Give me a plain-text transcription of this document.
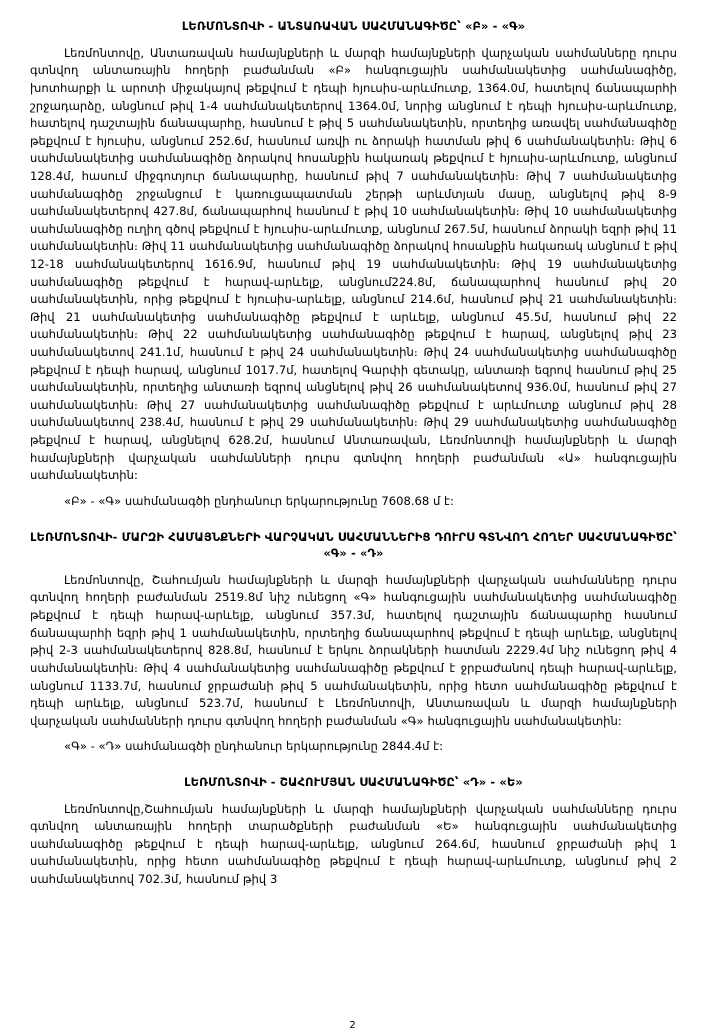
ԼԵՌՄՈՆՏՈՎԻ - ԱՆՏԱՌԱՎԱՆ ՍԱՀՄԱՆԱԳԻԾԸ՝ «Բ» - «Գ»

Լեռմոնտովը, Անտառավան համայնքների և մարզի համայնքների վարչական սահմանները դուրս գտնվող անտառային հողերի բաժանման «Բ» հանգուցային սահմանակետից սահմանագիծը, խոտհարքի և արոտի միջակայով թեքվում է դեպի հյուսիս-արևմուտք, 1364.0մ, հատելով ճանապարհի շրջադարձը, անցնում թիվ 1-4 սահմանակետերով 1364.0մ, նորից անցնում է դեպի հյուսիս-արևմուտք, հատելով դաշտային ճանապարհը, հասնում է թիվ 5 սահմանակետին, որտեղից առավել սահմանագիծը թեքվում է հյուսիս, անցնում 252.6մ, հասնում առվի ու ձորակի հատման թիվ 6 սահմանակետին։ Թիվ 6 սահմանակետից սահմանագիծը ձորակով հոսանքին հակառակ թեքվում է հյուսիս-արևմուտք, անցնում 128.4մ, հասում միջգոտյուր ճանապարհը, հասնում թիվ 7 սահմանակետին։ Թիվ 7 սահմանակետից սահմանագիծը շրջանցում է կառուցապատման շերթի արևմտյան մասը, անցնելով թիվ 8-9 սահմանակետերով 427.8մ, ճանապարհով հասնում է թիվ 10 սահմանակետին։ Թիվ 10 սահմանակետից սահմանագիծը ուղիղ գծով թեքվում է հյուսիս-արևմուտք, անցնում 267.5մ, հասնում ձորակի եզրի թիվ 11 սահմանակետին։ Թիվ 11 սահմանակետից սահմանագիծը ձորակով հոսանքին հակառակ անցնում է թիվ 12-18 սահմանակետերով 1616.9մ, հասնում թիվ 19 սահմանակետին։ Թիվ 19 սահմանակետից սահմանագիծը թեքվում է հարավ-արևելք, անցնում224.8մ, ճանապարհով հասնում թիվ 20 սահմանակետին, որից թեքվում է հյուսիս-արևելք, անցնում 214.6մ, հասնում թիվ 21 սահմանակետին։ Թիվ 21 սահմանակետից սահմանագիծը թեքվում է արևելք, անցնում 45.5մ, հասնում թիվ 22 սահմանակետին։ Թիվ 22 սահմանակետից սահմանագիծը թեքվում է հարավ, անցնելով թիվ 23 սահմանակետով 241.1մ, հասնում է թիվ 24 սահմանակետին։ Թիվ 24 սահմանակետից սահմանագիծը թեքվում է դեպի հարավ, անցնում 1017.7մ, հատելով Գարփի գետակը, անտառի եզրով հասնում թիվ 25 սահմանակետին, որտեղից անտառի եզրով անցնելով թիվ 26 սահմանակետով 936.0մ, հասնում թիվ 27 սահմանակետին։ Թիվ 27 սահմանակետից սահմանագիծը թեքվում է արևմուտք անցնում թիվ 28 սահմանակետով 238.4մ, հասնում է թիվ 29 սահմանակետին։ Թիվ 29 սահմանակետից սահմանագիծը թեքվում է հարավ, անցնելով 628.2մ, հասնում Անտառավան, Լեռմոնտովի համայնքների և մարզի համայնքների վարչական սահմանների դուրս գտնվող հողերի բաժանման «Ա» հանգուցային սահմանակետին:

«Բ» - «Գ» սահմանագծի ընդհանուր երկարությունը 7608.68 մ է:

ԼԵՌՄՈՆՏՈՎԻ- ՄԱՐԶԻ ՀԱՄԱՅՆՔՆԵՐԻ ՎԱՐՉԱԿԱՆ ՍԱՀՄԱՆՆԵՐԻՑ ԴՈՒՐՍ ԳՏՆՎՈՂ ՀՈՂԵՐ ՍԱՀՄԱՆԱԳԻԾԸ՝ «Գ» - «Դ»

Լեռմոնտովը, Շահումյան համայնքների և մարզի համայնքների վարչական սահմանները դուրս գտնվող հողերի բաժանման 2519.8մ նիշ ունեցող «Գ» հանգուցային սահմանակետից սահմանագիծը թեքվում է դեպի հարավ-արևելք, անցնում 357.3մ, հատելով դաշտային ճանապարհը հասնում ճանապարհի եզրի թիվ 1 սահմանակետին, որտեղից ճանապարհով թեքվում է դեպի արևելք, անցնելով թիվ 2-3 սահմանակետերով 828.8մ, հասնում է երկու ձորակների հատման 2229.4մ նիշ ունեցող թիվ 4 սահմանակետին։ Թիվ 4 սահմանակետից սահմանագիծը թեքվում է ջրբաժանով դեպի հարավ-արևելք, անցնում 1133.7մ, հասնում ջրբաժանի թիվ 5 սահմանակետին, որից հետո սահմանագիծը թեքվում է դեպի արևելք, անցնում 523.7մ, հասնում է Լեռմոնտովի, Անտառավան և մարզի համայնքների վարչական սահմանների դուրս գտնվող հողերի բաժանման «Գ» հանգուցային սահմանակետին:

«Գ» - «Դ» սահմանագծի ընդհանուր երկարությունը 2844.4մ է:

ԼԵՌՄՈՆՏՈՎԻ - ՇԱՀՈՒՄՅԱՆ ՍԱՀՄԱՆԱԳԻԾԸ՝ «Դ» - «Ե»

Լեռմոնտովը,Շահումյան համայնքների և մարզի համայնքների վարչական սահմանները դուրս գտնվող անտառային հողերի տարածքների բաժանման «Ե» հանգուցային սահմանակետից սահմանագիծը թեքվում է դեպի հարավ-արևելք, անցնում 264.6մ, հասնում ջրբաժանի թիվ 1 սահմանակետին, որից հետո սահմանագիծը թեքվում է դեպի հարավ-արևմուտք, անցնում թիվ 2 սահմանակետով 702.3մ, հասնում թիվ 3

2
